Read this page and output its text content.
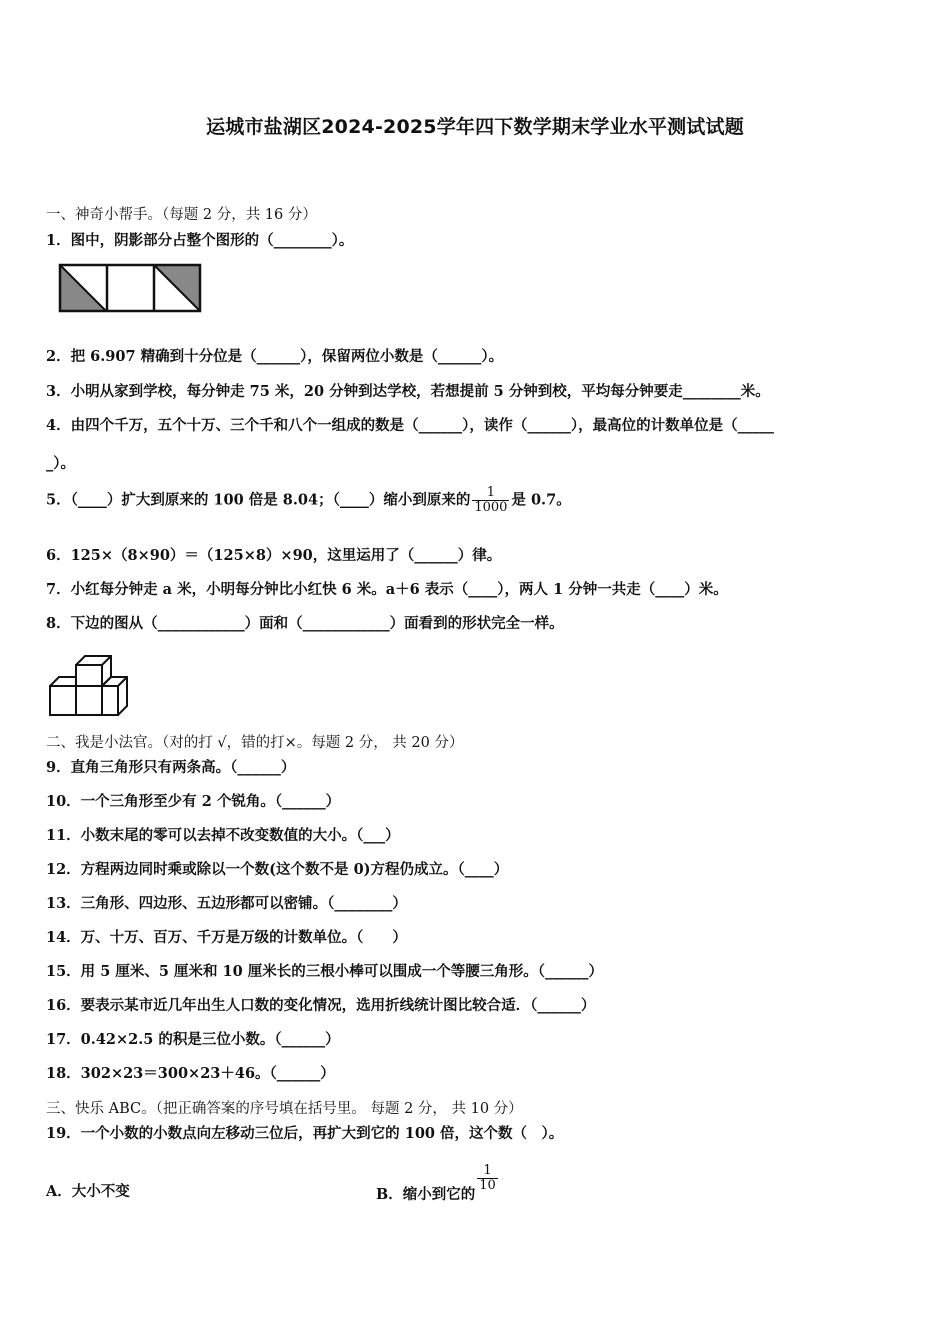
运城市盐湖区2024-2025学年四下数学期末学业水平测试试题
一、神奇小帮手。（每题 2 分，共 16 分）
1．图中，阴影部分占整个图形的（________）。
2．把 6.907 精确到十分位是（______），保留两位小数是（______）。
3．小明从家到学校，每分钟走 75 米，20 分钟到达学校，若想提前 5 分钟到校，平均每分钟要走________米。
4．由四个千万，五个十万、三个千和八个一组成的数是（______），读作（______），最高位的计数单位是（_____
_）。
5．（____）扩大到原来的 100 倍是 8.04；（____）缩小到原来的 $\frac{1}{1000}$ 是 0.7。
6．125×（8×90）＝（125×8）×90，这里运用了（______）律。
7．小红每分钟走 a 米，小明每分钟比小红快 6 米。a＋6 表示（____），两人 1 分钟一共走（____）米。
8．下边的图从（____________）面和（____________）面看到的形状完全一样。
二、我是小法官。（对的打 √，错的打×。每题 2 分， 共 20 分）
9．直角三角形只有两条高。（______）
10．一个三角形至少有 2 个锐角。（______）
11．小数末尾的零可以去掉不改变数值的大小。（___）
12．方程两边同时乘或除以一个数(这个数不是 0)方程仍成立。（____）
13．三角形、四边形、五边形都可以密铺。（________）
14．万、十万、百万、千万是万级的计数单位。（　　）
15．用 5 厘米、5 厘米和 10 厘米长的三根小棒可以围成一个等腰三角形。（______）
16．要表示某市近几年出生人口数的变化情况，选用折线统计图比较合适．（______）
17．0.42×2.5 的积是三位小数。（______）
18．302×23＝300×23＋46。（______）
三、快乐 ABC。（把正确答案的序号填在括号里。 每题 2 分， 共 10 分）
19．一个小数的小数点向左移动三位后，再扩大到它的 100 倍，这个数（　）。
A．大小不变	B．缩小到它的
$\frac{1}{10}$
